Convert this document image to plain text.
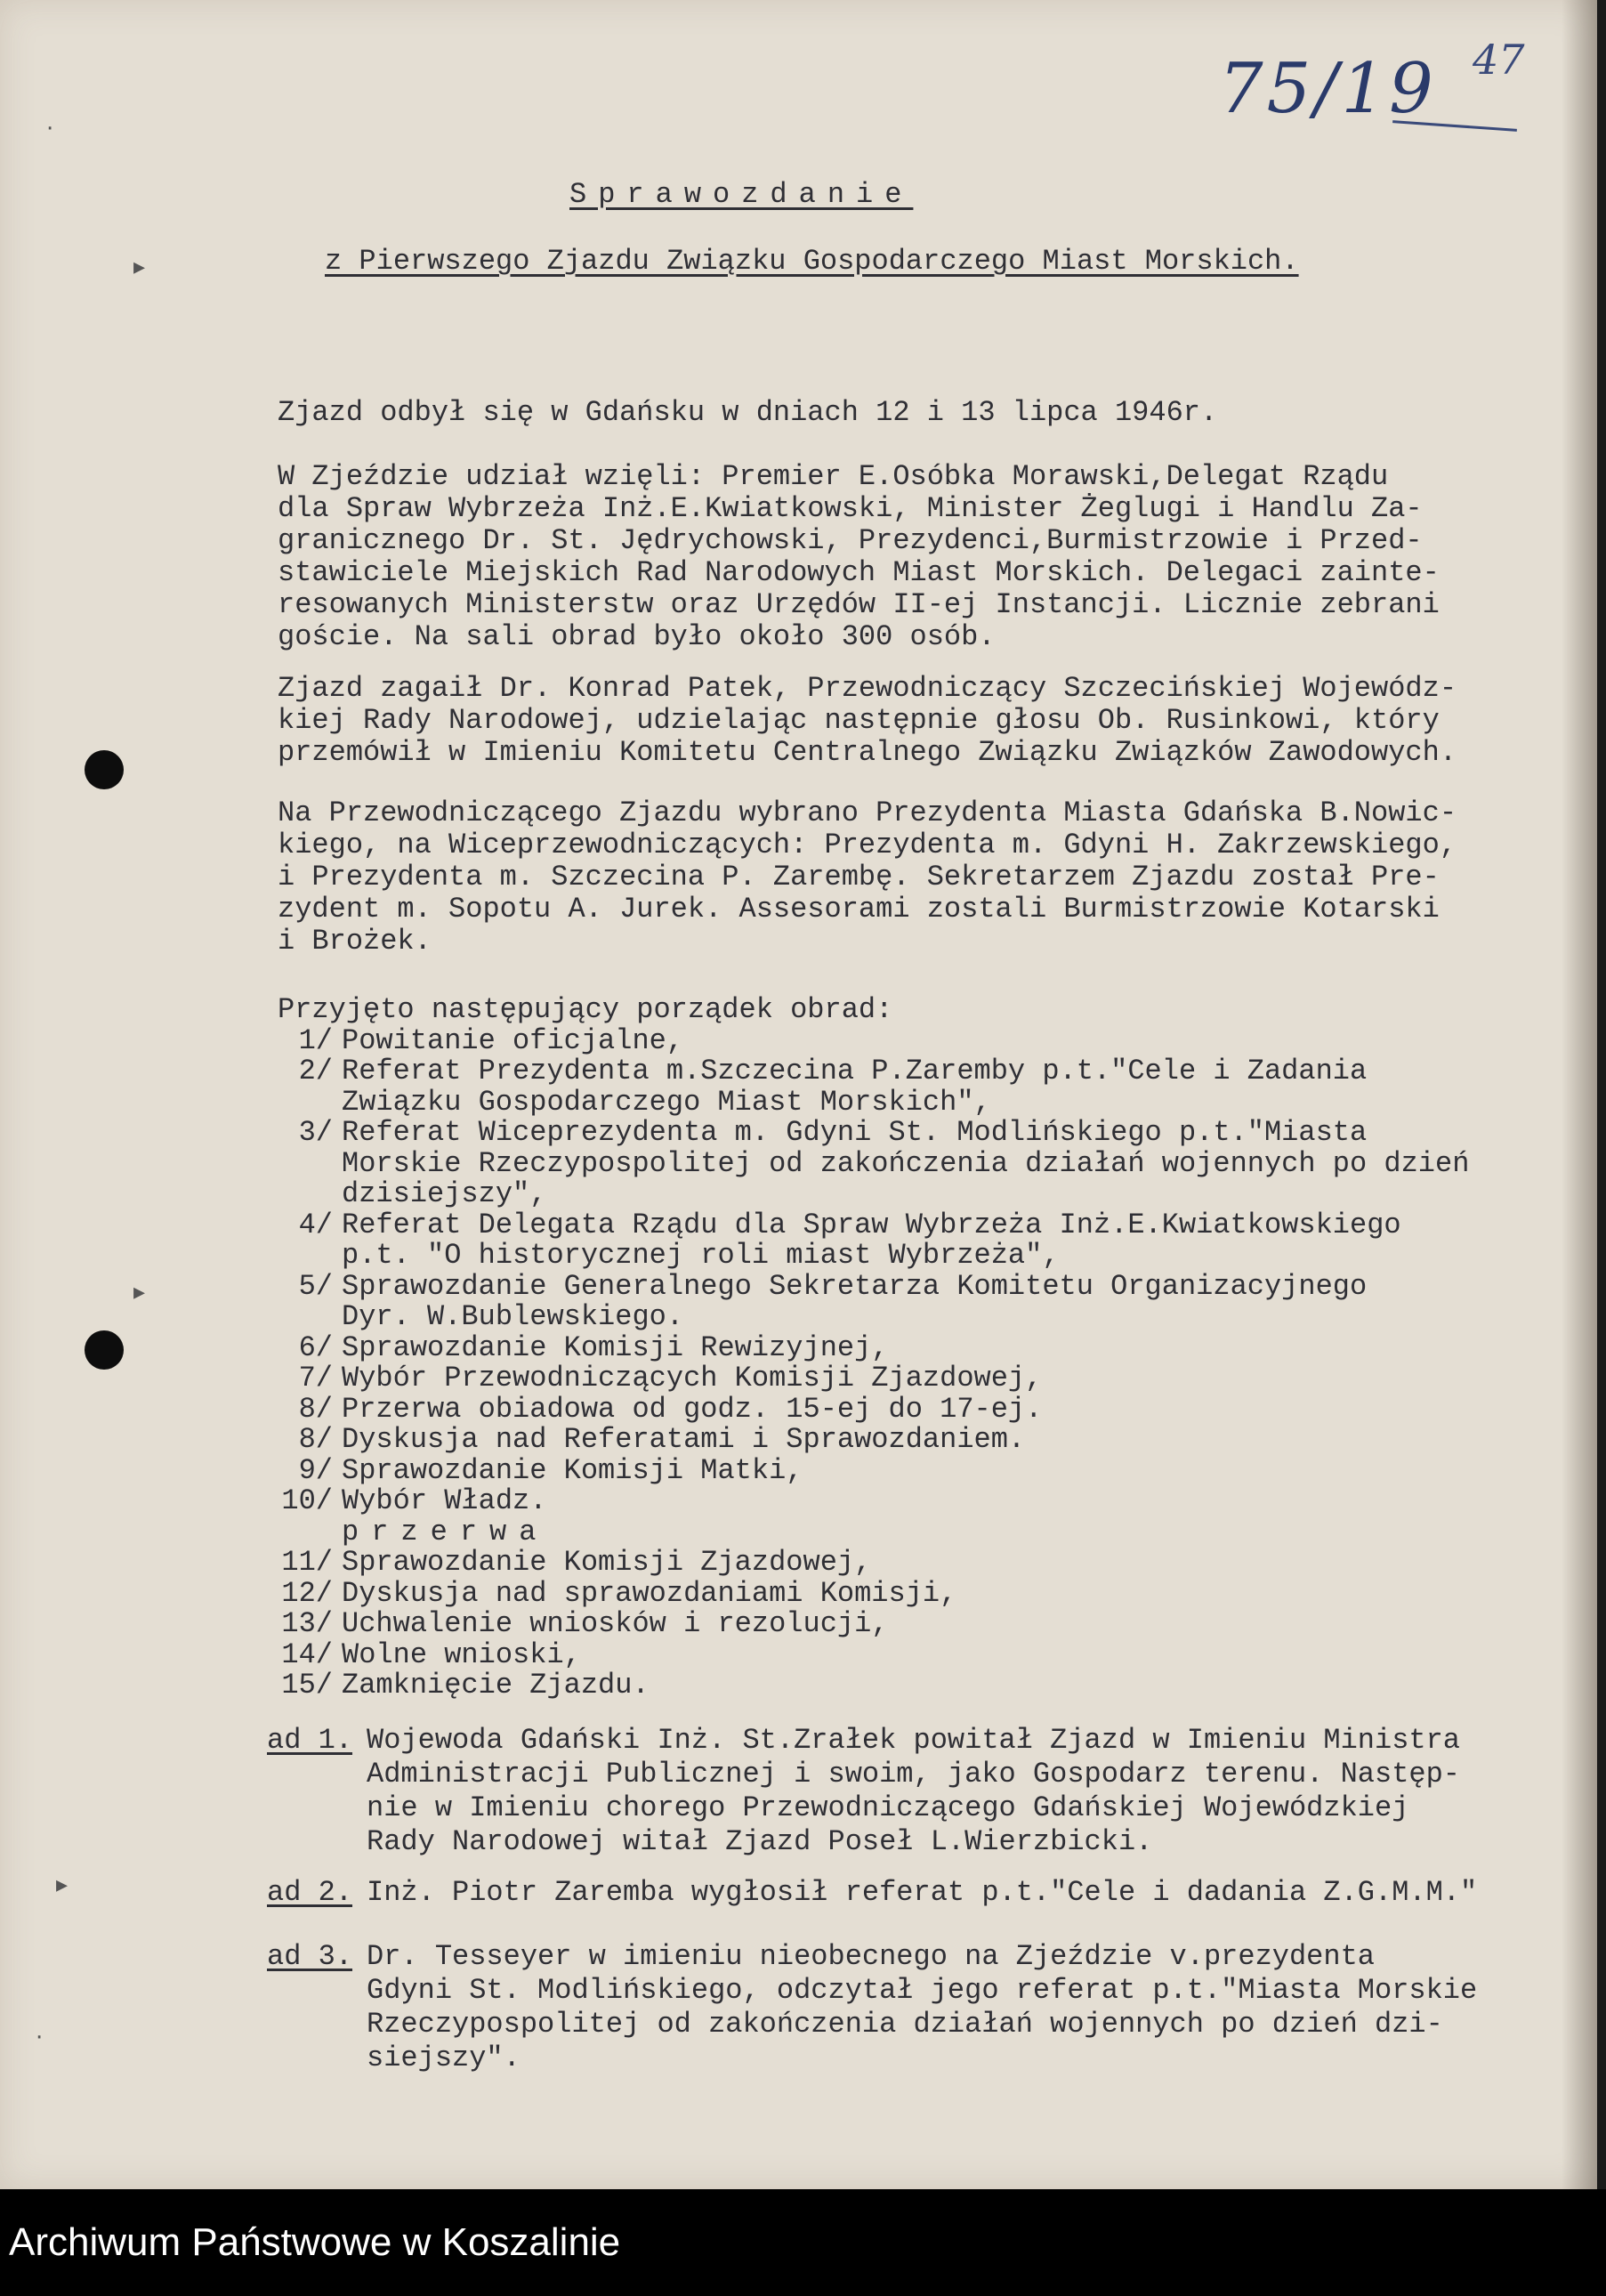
·
▸
▸
▸
·
75/19 47
Sprawozdanie
z Pierwszego Zjazdu Związku Gospodarczego Miast Morskich.
Zjazd odbył się w Gdańsku w dniach 12 i 13 lipca 1946r.
W Zjeździe udział wzięli: Premier E.Osóbka Morawski,Delegat Rządu
dla Spraw Wybrzeża Inż.E.Kwiatkowski, Minister Żeglugi i Handlu Za-
granicznego Dr. St. Jędrychowski, Prezydenci,Burmistrzowie i Przed-
stawiciele Miejskich Rad Narodowych Miast Morskich. Delegaci zainte-
resowanych Ministerstw oraz Urzędów II-ej Instancji. Licznie zebrani
goście. Na sali obrad było około 300 osób.
Zjazd zagaił Dr. Konrad Patek, Przewodniczący Szczecińskiej Wojewódz-
kiej Rady Narodowej, udzielając następnie głosu Ob. Rusinkowi, który
przemówił w Imieniu Komitetu Centralnego Związku Związków Zawodowych.
Na Przewodniczącego Zjazdu wybrano Prezydenta Miasta Gdańska B.Nowic-
kiego, na Wiceprzewodniczących: Prezydenta m. Gdyni H. Zakrzewskiego,
i Prezydenta m. Szczecina P. Zarembę. Sekretarzem Zjazdu został Pre-
zydent m. Sopotu A. Jurek. Assesorami zostali Burmistrzowie Kotarski
i Brożek.
Przyjęto następujący porządek obrad:
1/ Powitanie oficjalne,
2/ Referat Prezydenta m.Szczecina P.Zaremby p.t."Cele i Zadania
Związku Gospodarczego Miast Morskich",
3/ Referat Wiceprezydenta m. Gdyni St. Modlińskiego p.t."Miasta
Morskie Rzeczypospolitej od zakończenia działań wojennych po dzień
dzisiejszy",
4/ Referat Delegata Rządu dla Spraw Wybrzeża Inż.E.Kwiatkowskiego
p.t. "O historycznej roli miast Wybrzeża",
5/ Sprawozdanie Generalnego Sekretarza Komitetu Organizacyjnego
Dyr. W.Bublewskiego.
6/ Sprawozdanie Komisji Rewizyjnej,
7/ Wybór Przewodniczących Komisji Zjazdowej,
8/ Przerwa obiadowa od godz. 15-ej do 17-ej.
8/ Dyskusja nad Referatami i Sprawozdaniem.
9/ Sprawozdanie Komisji Matki,
10/ Wybór Władz.
przerwa
11/ Sprawozdanie Komisji Zjazdowej,
12/ Dyskusja nad sprawozdaniami Komisji,
13/ Uchwalenie wniosków i rezolucji,
14/ Wolne wnioski,
15/ Zamknięcie Zjazdu.
ad 1. Wojewoda Gdański Inż. St.Zrałek powitał Zjazd w Imieniu Ministra
Administracji Publicznej i swoim, jako Gospodarz terenu. Następ-
nie w Imieniu chorego Przewodniczącego Gdańskiej Wojewódzkiej
Rady Narodowej witał Zjazd Poseł L.Wierzbicki.
ad 2. Inż. Piotr Zaremba wygłosił referat p.t."Cele i dadania Z.G.M.M."
ad 3. Dr. Tesseyer w imieniu nieobecnego na Zjeździe v.prezydenta
Gdyni St. Modlińskiego, odczytał jego referat p.t."Miasta Morskie
Rzeczypospolitej od zakończenia działań wojennych po dzień dzi-
siejszy".
Archiwum Państwowe w Koszalinie
